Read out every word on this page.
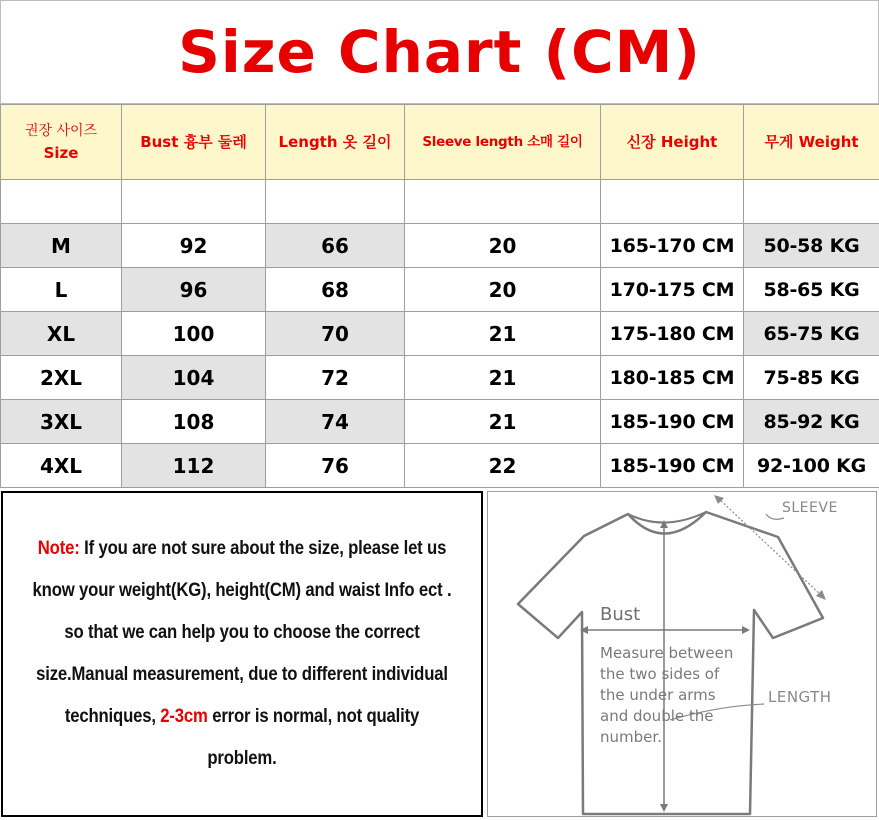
Size Chart (CM)
권장 사이즈
Size	Bust 흉부 둘레	Length 옷 길이	Sleeve length 소매 길이	신장 Height	무게 Weight

M	92	66	20	165-170 CM	50-58 KG
L	96	68	20	170-175 CM	58-65 KG
XL	100	70	21	175-180 CM	65-75 KG
2XL	104	72	21	180-185 CM	75-85 KG
3XL	108	74	21	185-190 CM	85-92 KG
4XL	112	76	22	185-190 CM	92-100 KG
Note: If you are not sure about the size, please let us know your weight(KG), height(CM) and waist Info ect . so that we can help you to choose the correct size.Manual measurement, due to different individual techniques, 2-3cm error is normal, not quality problem.
Bust
SLEEVE
LENGTH
Measure between
the two sides of
the under arms
and double the
number.
